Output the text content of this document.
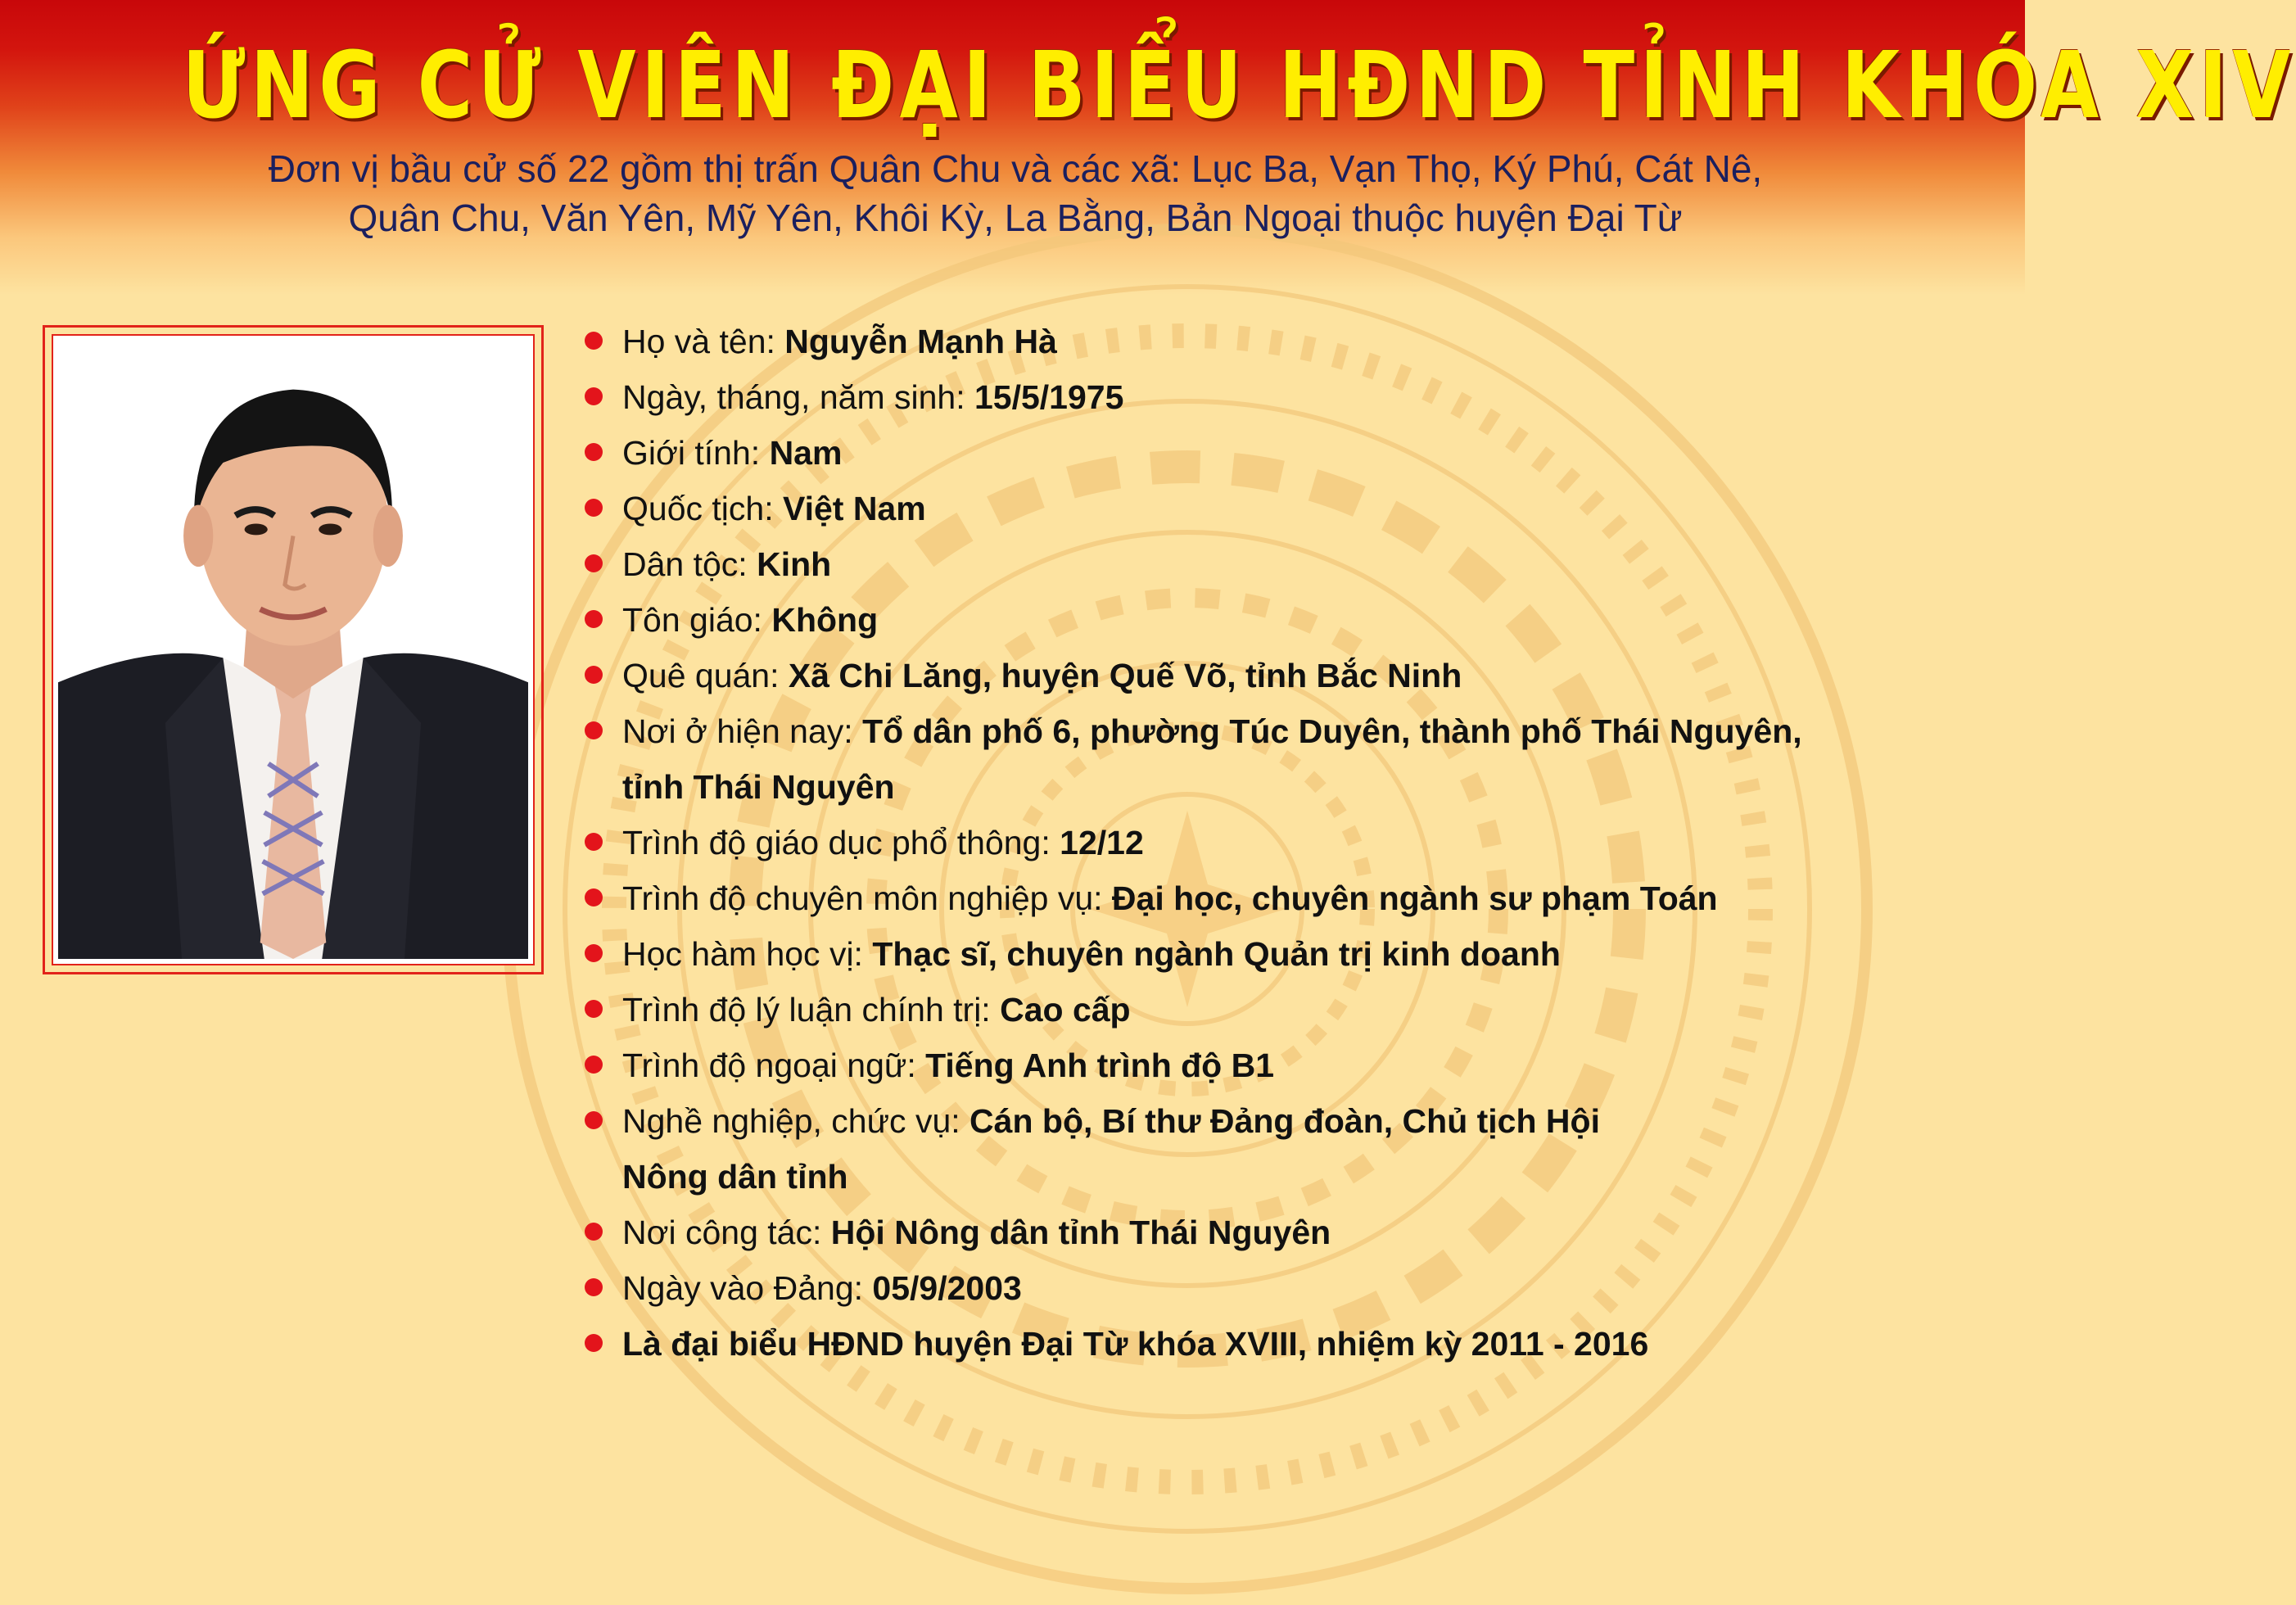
ỨNG CỬ VIÊN ĐẠI BIỂU HĐND TỈNH KHÓA XIV
Đơn vị bầu cử số 22 gồm thị trấn Quân Chu và các xã: Lục Ba, Vạn Thọ, Ký Phú, Cát Nê,
Quân Chu, Văn Yên, Mỹ Yên, Khôi Kỳ, La Bằng, Bản Ngoại thuộc huyện Đại Từ
Họ và tên: Nguyễn Mạnh Hà
Ngày, tháng, năm sinh: 15/5/1975
Giới tính: Nam
Quốc tịch: Việt Nam
Dân tộc: Kinh
Tôn giáo: Không
Quê quán: Xã Chi Lăng, huyện Quế Võ, tỉnh Bắc Ninh
Nơi ở hiện nay: Tổ dân phố 6, phường Túc Duyên, thành phố Thái Nguyên,
tỉnh Thái Nguyên
Trình độ giáo dục phổ thông: 12/12
Trình độ chuyên môn nghiệp vụ: Đại học, chuyên ngành sư phạm Toán
Học hàm học vị: Thạc sĩ, chuyên ngành Quản trị kinh doanh
Trình độ lý luận chính trị: Cao cấp
Trình độ ngoại ngữ: Tiếng Anh trình độ B1
Nghề nghiệp, chức vụ: Cán bộ, Bí thư Đảng đoàn, Chủ tịch Hội
Nông dân tỉnh
Nơi công tác: Hội Nông dân tỉnh Thái Nguyên
Ngày vào Đảng: 05/9/2003
Là đại biểu HĐND huyện Đại Từ khóa XVIII, nhiệm kỳ 2011 - 2016
